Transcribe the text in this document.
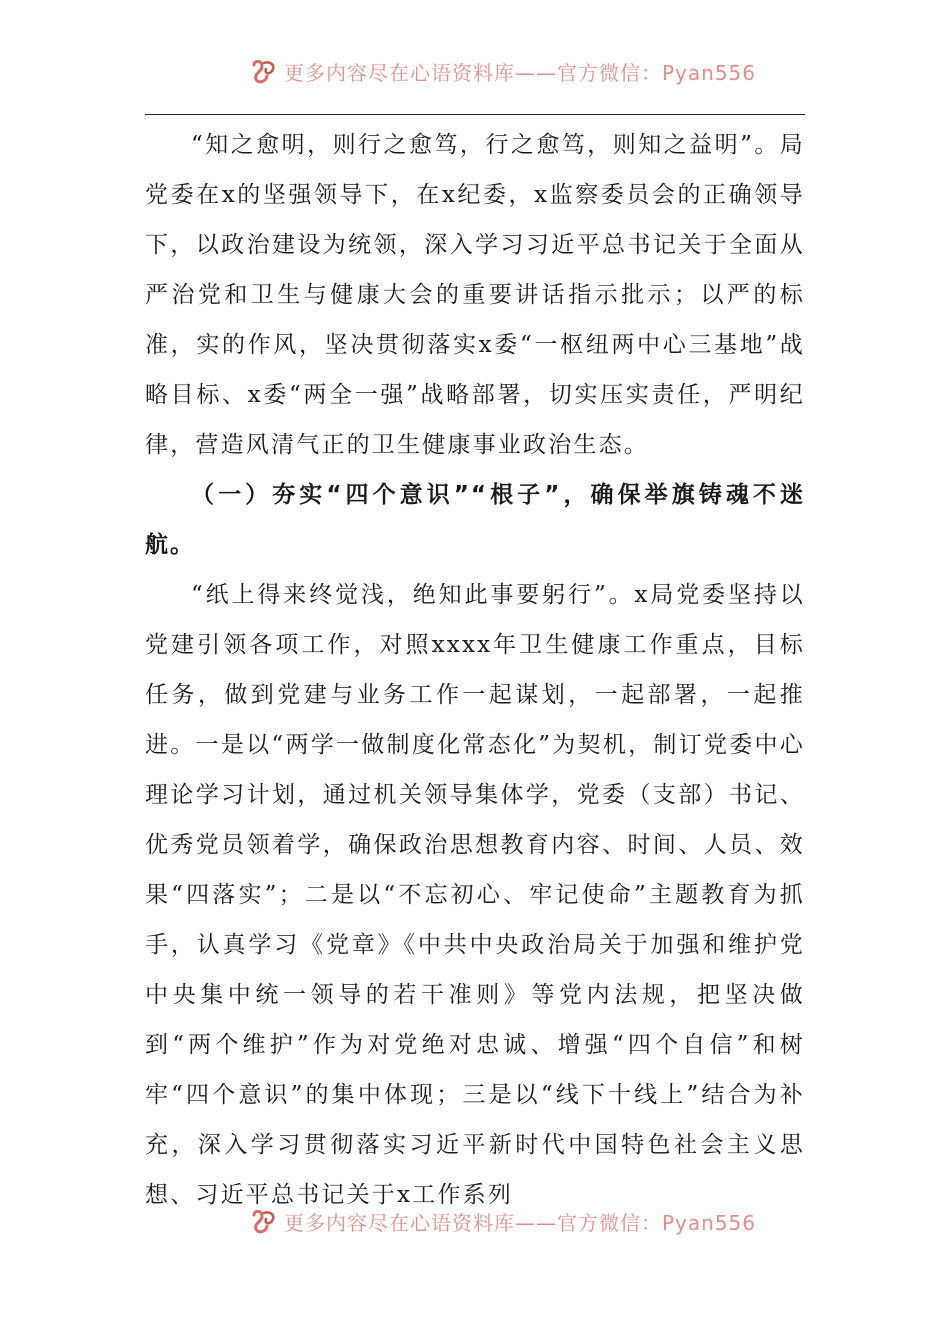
更多内容尽在心语资料库——官方微信：Pyan556

“知之愈明，则行之愈笃，行之愈笃，则知之益明”。局党委在x的坚强领导下，在x纪委，x监察委员会的正确领导下，以政治建设为统领，深入学习习近平总书记关于全面从严治党和卫生与健康大会的重要讲话指示批示；以严的标准，实的作风，坚决贯彻落实x委“一枢纽两中心三基地”战略目标、x委“两全一强”战略部署，切实压实责任，严明纪律，营造风清气正的卫生健康事业政治生态。

（一）夯实“四个意识”“根子”，确保举旗铸魂不迷航。

“纸上得来终觉浅，绝知此事要躬行”。x局党委坚持以党建引领各项工作，对照xxxx年卫生健康工作重点，目标任务，做到党建与业务工作一起谋划，一起部署，一起推进。一是以“两学一做制度化常态化”为契机，制订党委中心理论学习计划，通过机关领导集体学，党委（支部）书记、优秀党员领着学，确保政治思想教育内容、时间、人员、效果“四落实”；二是以“不忘初心、牢记使命”主题教育为抓手，认真学习《党章》《中共中央政治局关于加强和维护党中央集中统一领导的若干准则》等党内法规，把坚决做到“两个维护”作为对党绝对忠诚、增强“四个自信”和树牢“四个意识”的集中体现；三是以“线下十线上”结合为补充，深入学习贯彻落实习近平新时代中国特色社会主义思想、习近平总书记关于x工作系列

更多内容尽在心语资料库——官方微信：Pyan556
